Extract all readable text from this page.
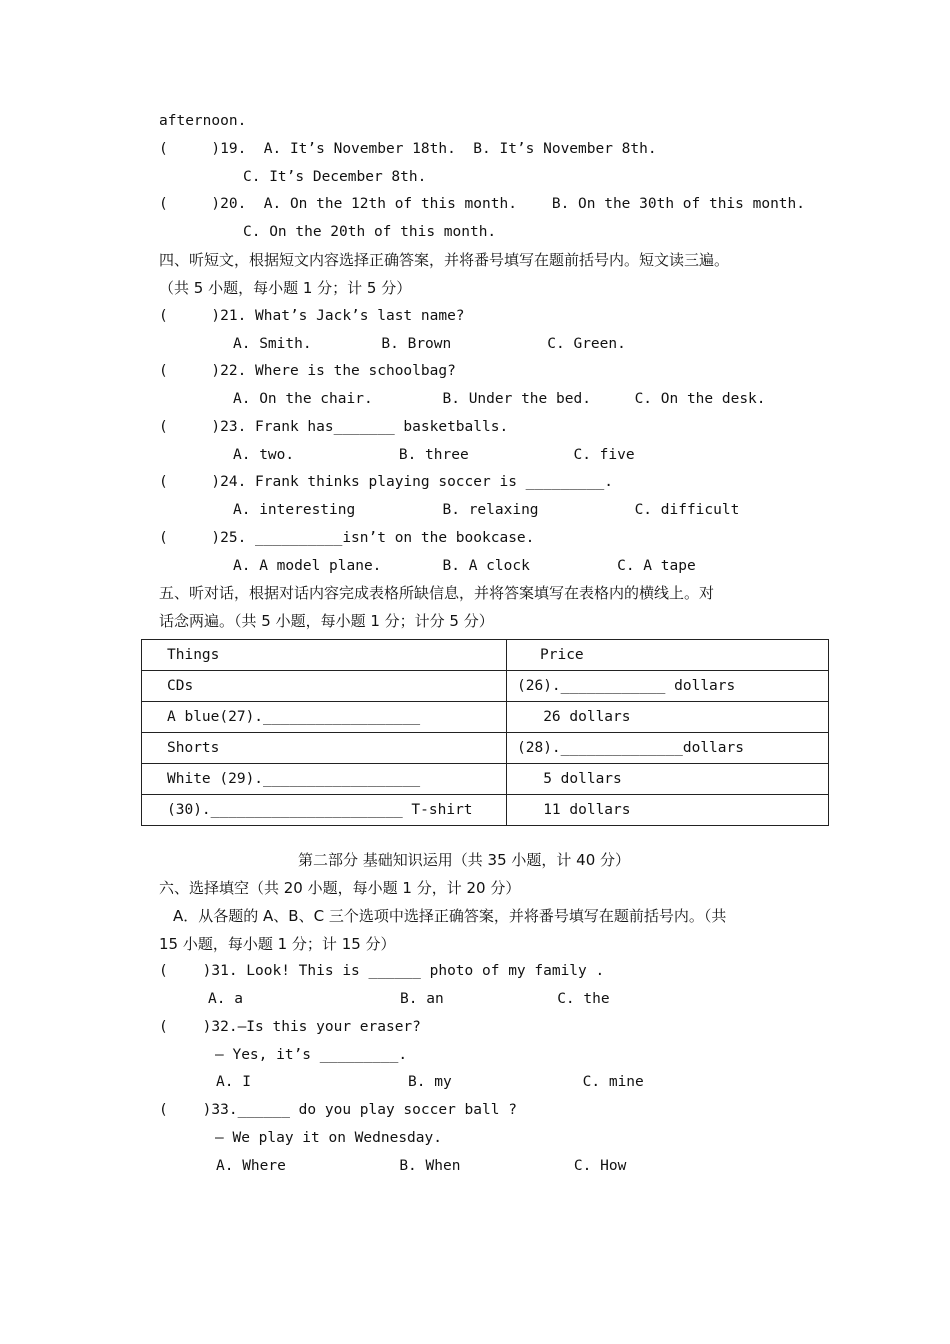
afternoon.
(     )19.  A. It’s November 18th.  B. It’s November 8th.
C. It’s December 8th.
(     )20.  A. On the 12th of this month.    B. On the 30th of this month.
C. On the 20th of this month.
四、听短文，根据短文内容选择正确答案，并将番号填写在题前括号内。短文读三遍。
（共 5 小题，每小题 1 分；计 5 分）
(     )21. What’s Jack’s last name?
A. Smith.        B. Brown           C. Green.
(     )22. Where is the schoolbag?
A. On the chair.        B. Under the bed.     C. On the desk.
(     )23. Frank has_______ basketballs.
A. two.            B. three            C. five
(     )24. Frank thinks playing soccer is _________.
A. interesting          B. relaxing           C. difficult
(     )25. __________isn’t on the bookcase.
A. A model plane.       B. A clock          C. A tape
五、听对话，根据对话内容完成表格所缺信息，并将答案填写在表格内的横线上。对
话念两遍。（共 5 小题，每小题 1 分；计分 5 分）
Things	Price
CDs	(26).____________ dollars
A blue(27).__________________	26 dollars
Shorts	(28).______________dollars
White (29).__________________	5 dollars
(30).______________________ T-shirt	11 dollars
第二部分 基础知识运用（共 35 小题，计 40 分）
六、选择填空（共 20 小题，每小题 1 分，计 20 分）
A．从各题的 A、B、C 三个选项中选择正确答案，并将番号填写在题前括号内。（共
15 小题，每小题 1 分；计 15 分）
(    )31. Look! This is ______ photo of my family .
A. a                  B. an             C. the
(    )32.—Is this your eraser?
— Yes, it’s _________.
A. I                  B. my               C. mine
(    )33.______ do you play soccer ball ?
— We play it on Wednesday.
A. Where             B. When             C. How
